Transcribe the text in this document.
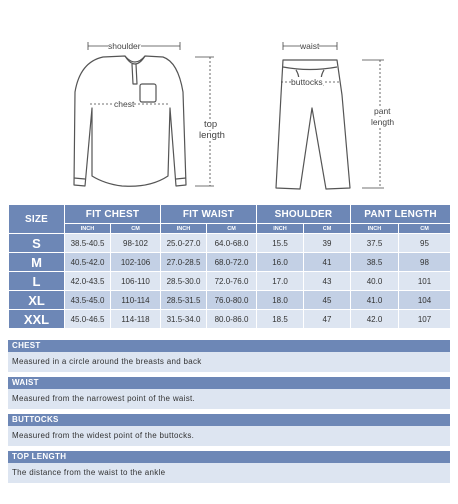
shoulder
chest
top
length
waist
buttocks
pant
length
SIZE	FIT CHEST		FIT WAIST		SHOULDER		PANT LENGTH	
	INCH	CM	INCH	CM	INCH	CM	INCH	CM
S	38.5-40.5	98-102	25.0-27.0	64.0-68.0	15.5	39	37.5	95
M	40.5-42.0	102-106	27.0-28.5	68.0-72.0	16.0	41	38.5	98
L	42.0-43.5	106-110	28.5-30.0	72.0-76.0	17.0	43	40.0	101
XL	43.5-45.0	110-114	28.5-31.5	76.0-80.0	18.0	45	41.0	104
XXL	45.0-46.5	114-118	31.5-34.0	80.0-86.0	18.5	47	42.0	107
CHEST
Measured in a circle around the breasts and back
WAIST
Measured from the narrowest point of the waist.
BUTTOCKS
Measured from the widest point of the buttocks.
TOP LENGTH
The distance from the waist to the ankle
